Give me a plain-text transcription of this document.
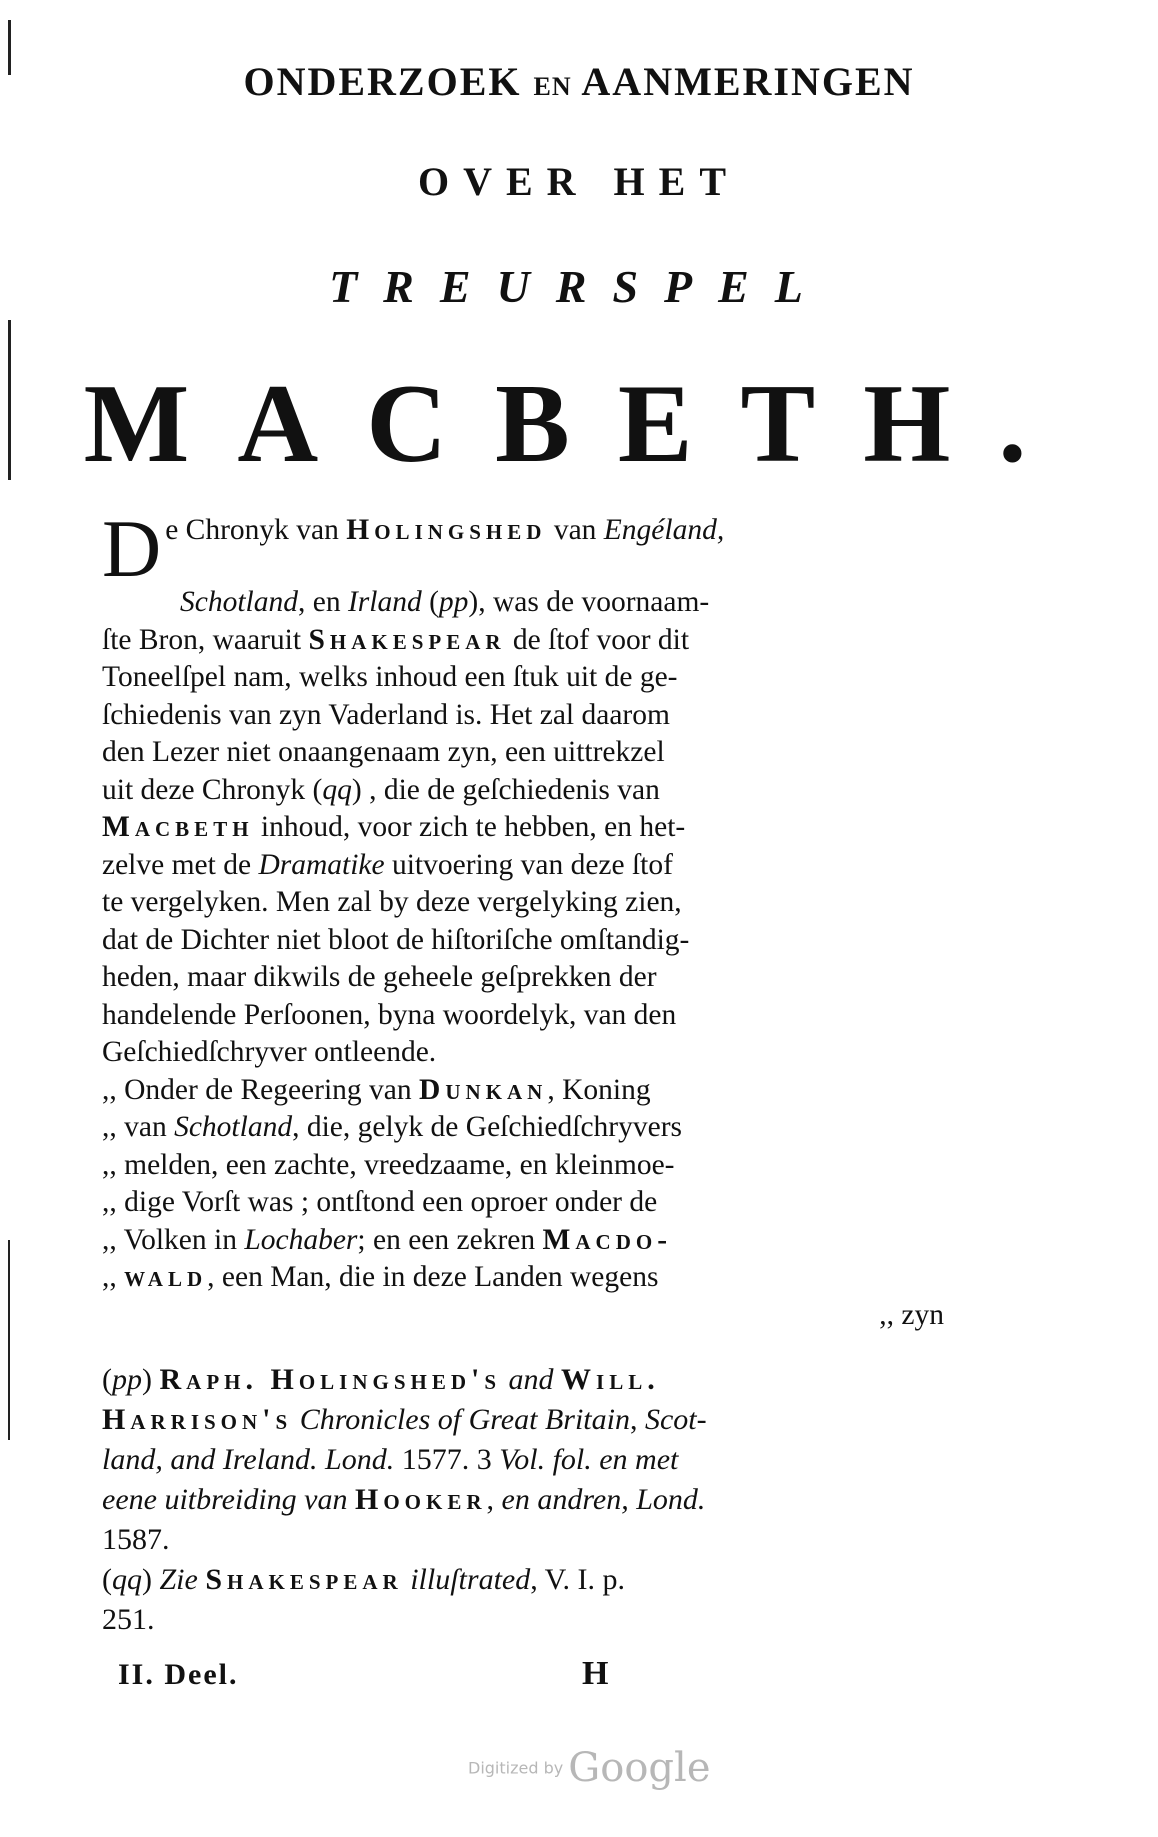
ONDERZOEK EN AANMERINGEN
OVER HET
TREURSPEL
MACBETH.
De Chronyk van Holingshed van Engéland,
Schotland, en Irland (pp), was de voornaam-
ſte Bron, waaruit Shakespear de ſtof voor dit
Toneelſpel nam, welks inhoud een ſtuk uit de ge-
ſchiedenis van zyn Vaderland is. Het zal daarom
den Lezer niet onaangenaam zyn, een uittrekzel
uit deze Chronyk (qq) , die de geſchiedenis van
Macbeth inhoud, voor zich te hebben, en het-
zelve met de Dramatike uitvoering van deze ſtof
te vergelyken. Men zal by deze vergelyking zien,
dat de Dichter niet bloot de hiſtoriſche omſtandig-
heden, maar dikwils de geheele geſprekken der
handelende Perſoonen, byna woordelyk, van den
Geſchiedſchryver ontleende.
,, Onder de Regeering van Dunkan, Koning
,, van Schotland, die, gelyk de Geſchiedſchryvers
,, melden, een zachte, vreedzaame, en kleinmoe-
,, dige Vorſt was ; ontſtond een oproer onder de
,, Volken in Lochaber; en een zekren Macdo-
,, wald, een Man, die in deze Landen wegens
,, zyn
(pp) Raph. Holingshed's and Will.
Harrison's Chronicles of Great Britain, Scot-
land, and Ireland. Lond. 1577. 3 Vol. fol. en met
eene uitbreiding van Hooker, en andren, Lond.
1587.
(qq) Zie Shakespear illuſtrated, V. I. p.
251.
II. Deel.	H
Digitized by Google
